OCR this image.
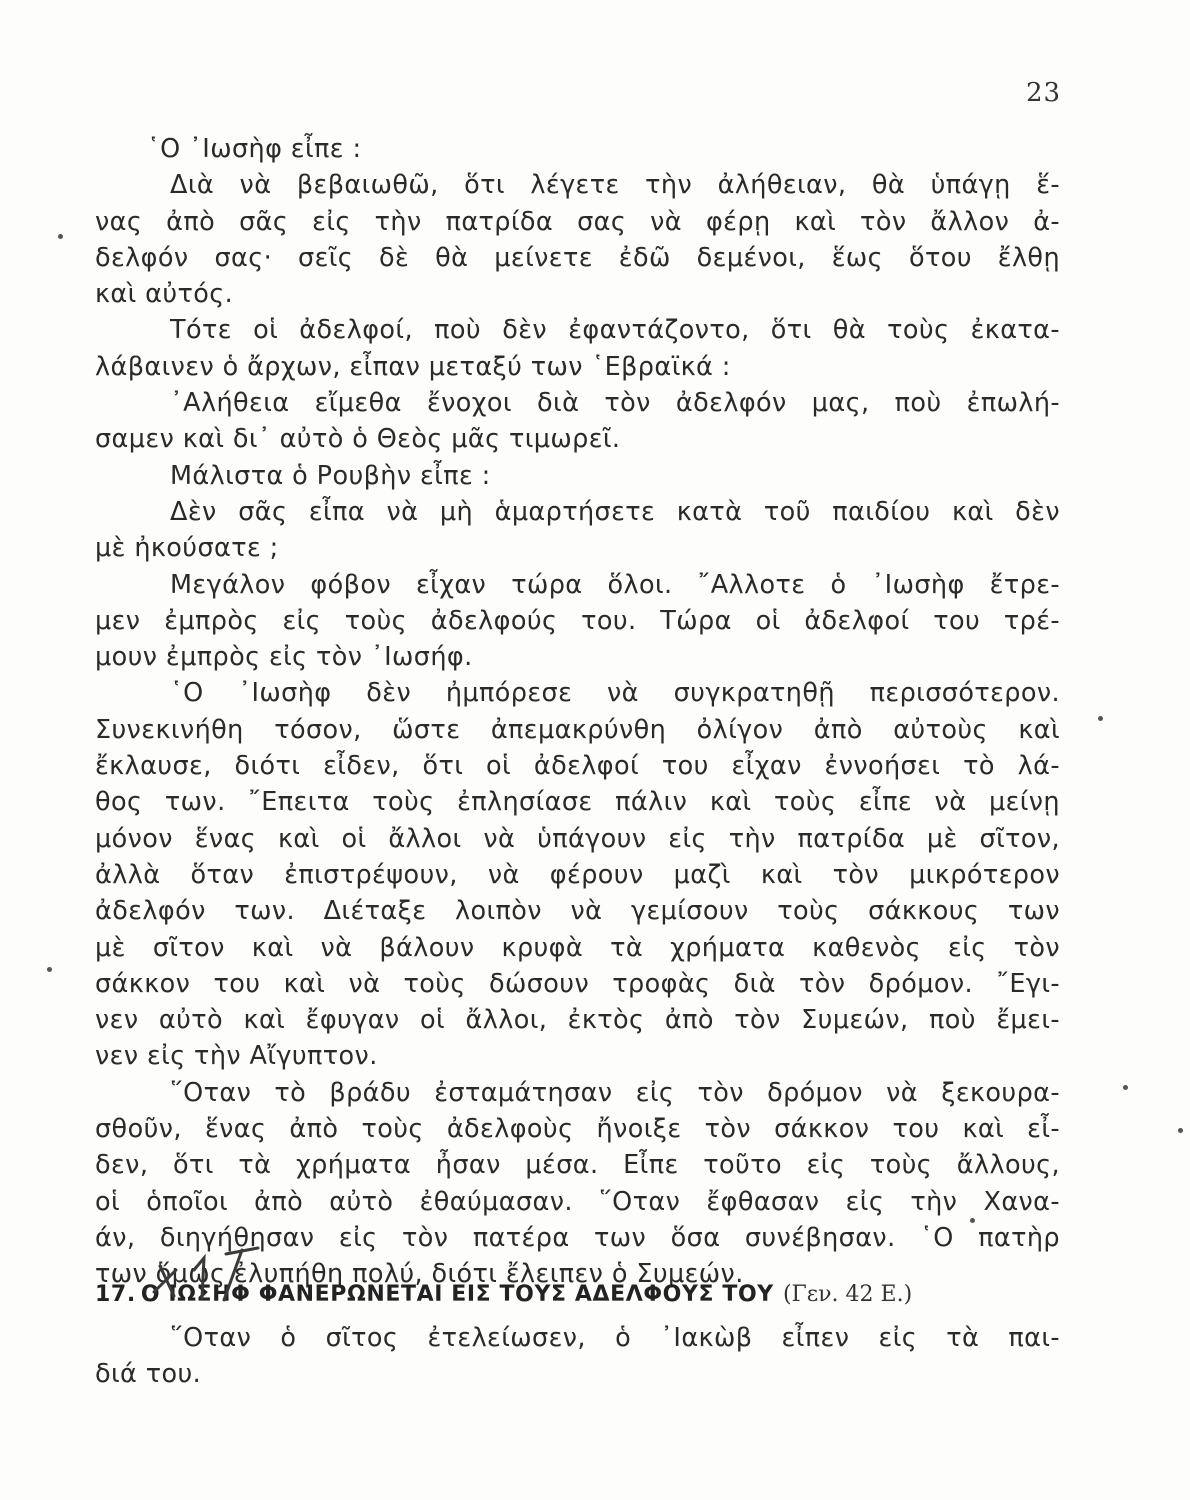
23
῾Ο ᾿Ιωσὴφ εἶπε :
Διὰ νὰ βεβαιωθῶ, ὅτι λέγετε τὴν ἀλήθειαν, θὰ ὑπάγῃ ἕ-
νας ἀπὸ σᾶς εἰς τὴν πατρίδα σας νὰ φέρῃ καὶ τὸν ἄλλον ἀ-
δελφόν σας· σεῖς δὲ θὰ μείνετε ἐδῶ δεμένοι, ἕως ὅτου ἔλθῃ
καὶ αὐτός.
Τότε οἱ ἀδελφοί, ποὺ δὲν ἐφαντάζοντο, ὅτι θὰ τοὺς ἐκατα-
λάβαινεν ὁ ἄρχων, εἶπαν μεταξύ των ῾Εβραϊκά :
᾿Αλήθεια εἴμεθα ἔνοχοι διὰ τὸν ἀδελφόν μας, ποὺ ἐπωλή-
σαμεν καὶ δι᾿ αὐτὸ ὁ Θεὸς μᾶς τιμωρεῖ.
Μάλιστα ὁ Ρουβὴν εἶπε :
Δὲν σᾶς εἶπα νὰ μὴ ἁμαρτήσετε κατὰ τοῦ παιδίου καὶ δὲν
μὲ ἠκούσατε ;
Μεγάλον φόβον εἶχαν τώρα ὅλοι. ῎Αλλοτε ὁ ᾿Ιωσὴφ ἔτρε-
μεν ἐμπρὸς εἰς τοὺς ἀδελφούς του. Τώρα οἱ ἀδελφοί του τρέ-
μουν ἐμπρὸς εἰς τὸν ᾿Ιωσήφ.
῾Ο ᾿Ιωσὴφ δὲν ἠμπόρεσε νὰ συγκρατηθῇ περισσότερον.
Συνεκινήθη τόσον, ὥστε ἀπεμακρύνθη ὀλίγον ἀπὸ αὐτοὺς καὶ
ἔκλαυσε, διότι εἶδεν, ὅτι οἱ ἀδελφοί του εἶχαν ἐννοήσει τὸ λά-
θος των. ῎Επειτα τοὺς ἐπλησίασε πάλιν καὶ τοὺς εἶπε νὰ μείνῃ
μόνον ἕνας καὶ οἱ ἄλλοι νὰ ὑπάγουν εἰς τὴν πατρίδα μὲ σῖτον,
ἀλλὰ ὅταν ἐπιστρέψουν, νὰ φέρουν μαζὶ καὶ τὸν μικρότερον
ἀδελφόν των. Διέταξε λοιπὸν νὰ γεμίσουν τοὺς σάκκους των
μὲ σῖτον καὶ νὰ βάλουν κρυφὰ τὰ χρήματα καθενὸς εἰς τὸν
σάκκον του καὶ νὰ τοὺς δώσουν τροφὰς διὰ τὸν δρόμον. ῎Εγι-
νεν αὐτὸ καὶ ἔφυγαν οἱ ἄλλοι, ἐκτὸς ἀπὸ τὸν Συμεών, ποὺ ἔμει-
νεν εἰς τὴν Αἴγυπτον.
῞Οταν τὸ βράδυ ἐσταμάτησαν εἰς τὸν δρόμον νὰ ξεκουρα-
σθοῦν, ἕνας ἀπὸ τοὺς ἀδελφοὺς ἤνοιξε τὸν σάκκον του καὶ εἶ-
δεν, ὅτι τὰ χρήματα ἦσαν μέσα. Εἶπε τοῦτο εἰς τοὺς ἄλλους,
οἱ ὁποῖοι ἀπὸ αὐτὸ ἐθαύμασαν. ῞Οταν ἔφθασαν εἰς τὴν Χανα-
άν, διηγήθησαν εἰς τὸν πατέρα των ὅσα συνέβησαν. ῾Ο πατὴρ
των ὅμως ἐλυπήθη πολύ, διότι ἔλειπεν ὁ Συμεών.
17. Ο ΙΩΣΗΦ ΦΑΝΕΡΩΝΕΤΑΙ ΕΙΣ ΤΟΥΣ ΑΔΕΛΦΟΥΣ ΤΟΥ (Γεν. 42 Ε.)
῞Οταν ὁ σῖτος ἐτελείωσεν, ὁ ᾿Ιακὼβ εἶπεν εἰς τὰ παι-
διά του.
